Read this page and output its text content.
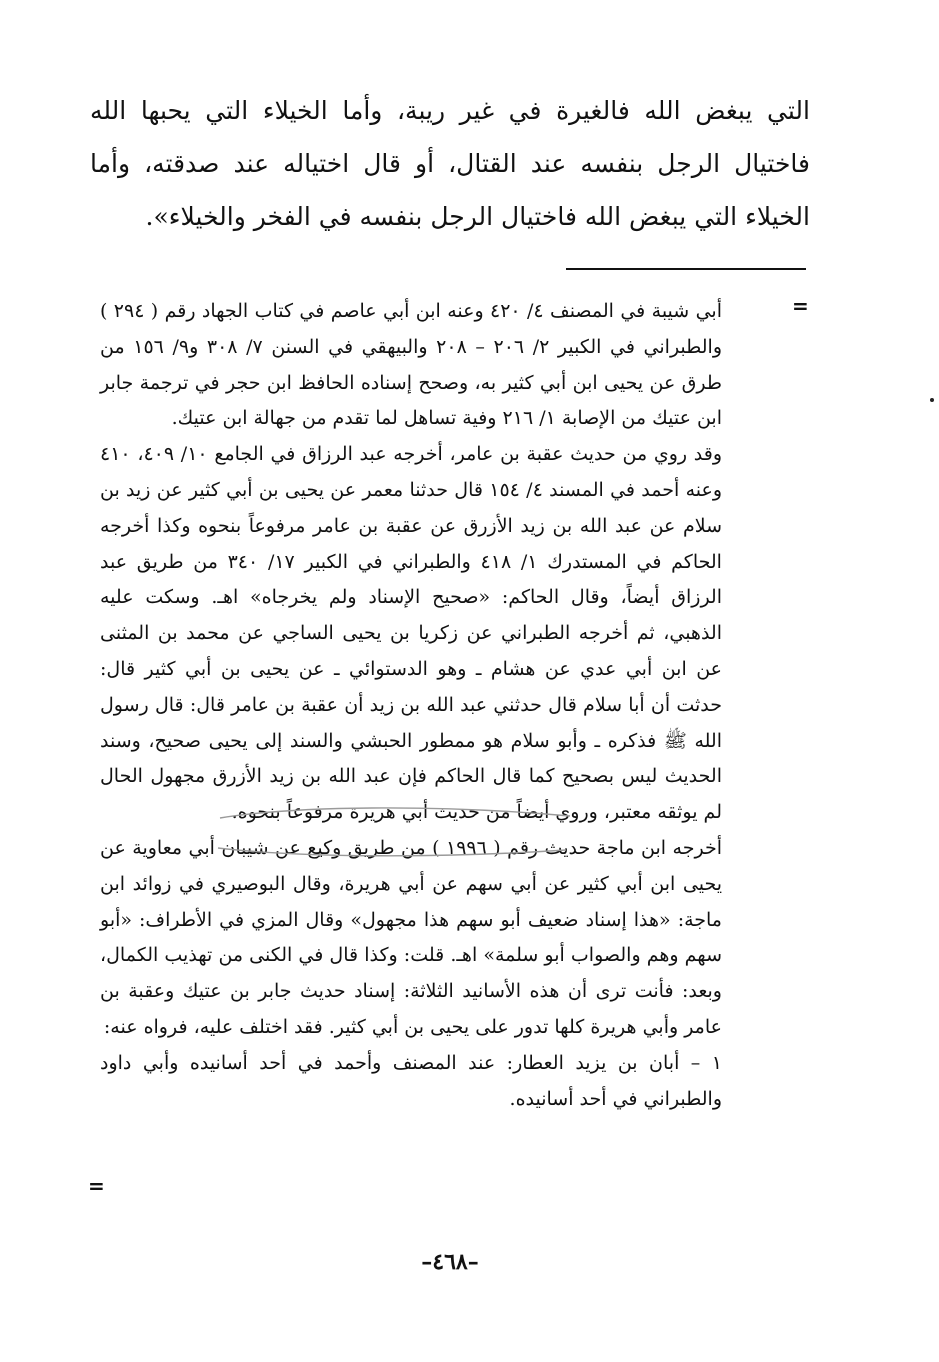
التي يبغض الله فالغيرة في غير ريبة، وأما الخيلاء التي يحبها الله فاختيال الرجل بنفسه عند القتال، أو قال اختياله عند صدقته، وأما الخيلاء التي يبغض الله فاختيال الرجل بنفسه في الفخر والخيلاء».

=

أبي شيبة في المصنف ٤/ ٤٢٠ وعنه ابن أبي عاصم في كتاب الجهاد رقم ( ٢٩٤ ) والطبراني في الكبير ٢/ ٢٠٦ – ٢٠٨ والبيهقي في السنن ٧/ ٣٠٨ و٩/ ١٥٦ من طرق عن يحيى ابن أبي كثير به، وصحح إسناده الحافظ ابن حجر في ترجمة جابر ابن عتيك من الإصابة ١/ ٢١٦ وفية تساهل لما تقدم من جهالة ابن عتيك.

وقد روي من حديث عقبة بن عامر، أخرجه عبد الرزاق في الجامع ١٠/ ٤٠٩، ٤١٠ وعنه أحمد في المسند ٤/ ١٥٤ قال حدثنا معمر عن يحيى بن أبي كثير عن زيد بن سلام عن عبد الله بن زيد الأزرق عن عقبة بن عامر مرفوعاً بنحوه وكذا أخرجه الحاكم في المستدرك ١/ ٤١٨ والطبراني في الكبير ١٧/ ٣٤٠ من طريق عبد الرزاق أيضاً، وقال الحاكم: «صحيح الإسناد ولم يخرجاه» اهـ. وسكت عليه الذهبي، ثم أخرجه الطبراني عن زكريا بن يحيى الساجي عن محمد بن المثنى عن ابن أبي عدي عن هشام ـ وهو الدستوائي ـ عن يحيى بن أبي كثير قال: حدثت أن أبا سلام قال حدثني عبد الله بن زيد أن عقبة بن عامر قال: قال رسول الله ﷺ فذكره ـ وأبو سلام هو ممطور الحبشي والسند إلى يحيى صحيح، وسند الحديث ليس بصحيح كما قال الحاكم فإن عبد الله بن زيد الأزرق مجهول الحال لم يوثقه معتبر، وروي أيضاً من حديث أبي هريرة مرفوعاً بنحوه.

أخرجه ابن ماجة حديث رقم ( ١٩٩٦ ) من طريق وكيع عن شيبان أبي معاوية عن يحيى ابن أبي كثير عن أبي سهم عن أبي هريرة، وقال البوصيري في زوائد ابن ماجة: «هذا إسناد ضعيف أبو سهم هذا مجهول» وقال المزي في الأطراف: «أبو سهم وهم والصواب أبو سلمة» اهـ. قلت: وكذا قال في الكنى من تهذيب الكمال، وبعد: فأنت ترى أن هذه الأسانيد الثلاثة: إسناد حديث جابر بن عتيك وعقبة بن عامر وأبي هريرة كلها تدور على يحيى بن أبي كثير. فقد اختلف عليه، فرواه عنه:

١ – أبان بن يزيد العطار: عند المصنف وأحمد في أحد أسانيده وأبي داود والطبراني في أحد أسانيده.

=
–٤٦٨–
